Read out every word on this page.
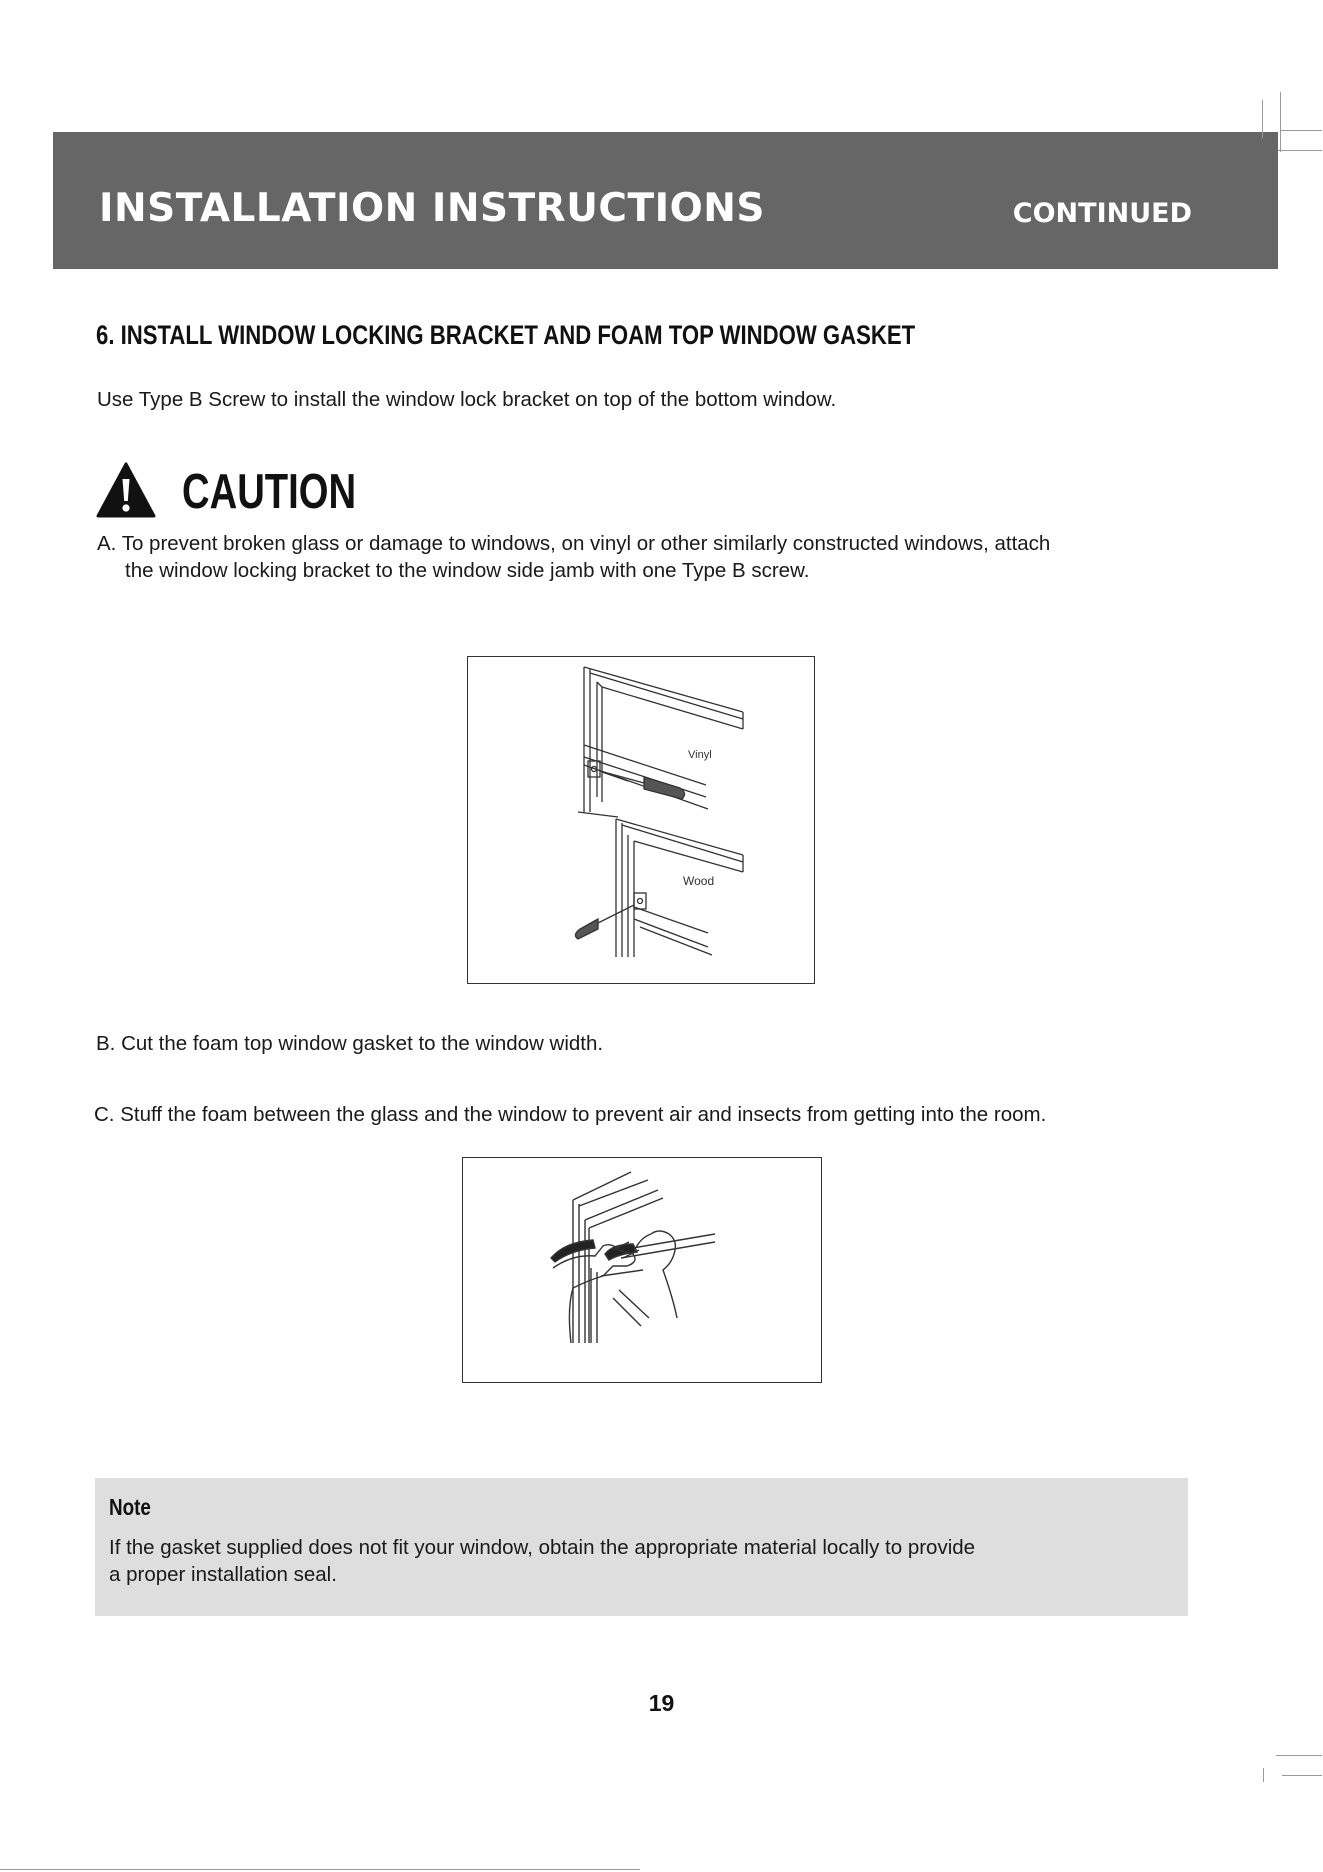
INSTALLATION INSTRUCTIONS	CONTINUED
6. INSTALL WINDOW LOCKING BRACKET AND FOAM TOP WINDOW GASKET
Use Type B Screw to install the window lock bracket on top of the bottom window.
CAUTION
A. To prevent broken glass or damage to windows, on vinyl or other similarly constructed windows, attach
the window locking bracket to the window side jamb with one Type B screw.
Vinyl
Wood
B. Cut the foam top window gasket to the window width.
C. Stuff the foam between the glass and the window to prevent air and insects from getting into the room.
Note
If the gasket supplied does not fit your window, obtain the appropriate material locally to provide
a proper installation seal.
19
